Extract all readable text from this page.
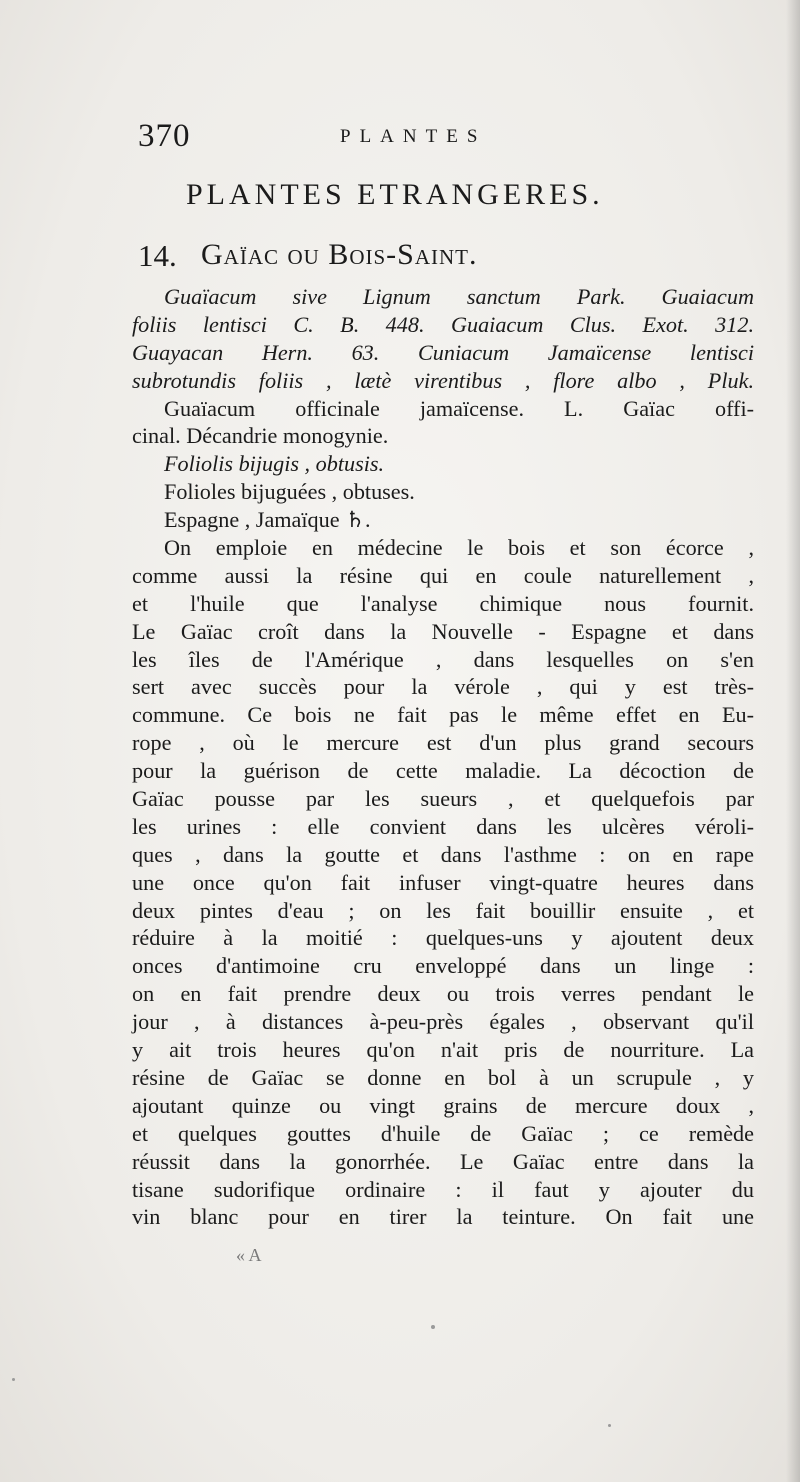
370	PLANTES
PLANTES ETRANGERES.
14. Gaïac ou Bois-Saint.
Guaïacum sive Lignum sanctum Park. Guaiacum
foliis lentisci C. B. 448. Guaiacum Clus. Exot. 312.
Guayacan Hern. 63. Cuniacum Jamaïcense lentisci
subrotundis foliis , lætè virentibus , flore albo , Pluk.
Guaïacum officinale jamaïcense. L. Gaïac offi-
cinal. Décandrie monogynie.
Foliolis bijugis , obtusis.
Folioles bijuguées , obtuses.
Espagne , Jamaïque ♄.
On emploie en médecine le bois et son écorce ,
comme aussi la résine qui en coule naturellement ,
et l'huile que l'analyse chimique nous fournit.
Le Gaïac croît dans la Nouvelle - Espagne et dans
les îles de l'Amérique , dans lesquelles on s'en
sert avec succès pour la vérole , qui y est très-
commune. Ce bois ne fait pas le même effet en Eu-
rope , où le mercure est d'un plus grand secours
pour la guérison de cette maladie. La décoction de
Gaïac pousse par les sueurs , et quelquefois par
les urines : elle convient dans les ulcères véroli-
ques , dans la goutte et dans l'asthme : on en rape
une once qu'on fait infuser vingt-quatre heures dans
deux pintes d'eau ; on les fait bouillir ensuite , et
réduire à la moitié : quelques-uns y ajoutent deux
onces d'antimoine cru enveloppé dans un linge :
on en fait prendre deux ou trois verres pendant le
jour , à distances à-peu-près égales , observant qu'il
y ait trois heures qu'on n'ait pris de nourriture. La
résine de Gaïac se donne en bol à un scrupule , y
ajoutant quinze ou vingt grains de mercure doux ,
et quelques gouttes d'huile de Gaïac ; ce remède
réussit dans la gonorrhée. Le Gaïac entre dans la
tisane sudorifique ordinaire : il faut y ajouter du
vin blanc pour en tirer la teinture. On fait une
« A
